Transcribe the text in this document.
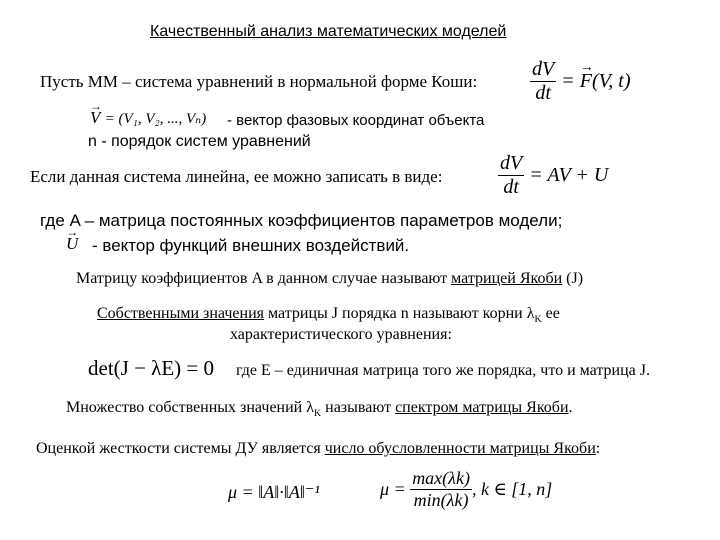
Качественный анализ математических моделей
Пусть ММ – система уравнений в нормальной форме Коши:	$\frac{dV}{dt}$ = → F(V, t)
→ V = (V₁, V₂, ..., Vₙ) - вектор фазовых координат объекта
n - порядок систем уравнений
Если данная система линейна, ее можно записать в виде:	$\frac{dV}{dt}$ = AV + U
где A – матрица постоянных коэффициентов параметров модели;
→ U - вектор функций внешних воздействий.
Матрицу коэффициентов A в данном случае называют матрицей Якоби (J)
Собственными значения матрицы J порядка n называют корни $\lambda_K$ ее
характеристического уравнения:
det(J − λE) = 0 где E – единичная матрица того же порядка, что и матрица J.
Множество собственных значений $\lambda_K$ называют спектром матрицы Якоби.
Оценкой жесткости системы ДУ является число обусловленности матрицы Якоби:
μ = ‖A‖·‖A‖⁻¹	$\mu = \frac{\max(\lambda k)}{\min(\lambda k)}$ , k ∈ [1, n]
